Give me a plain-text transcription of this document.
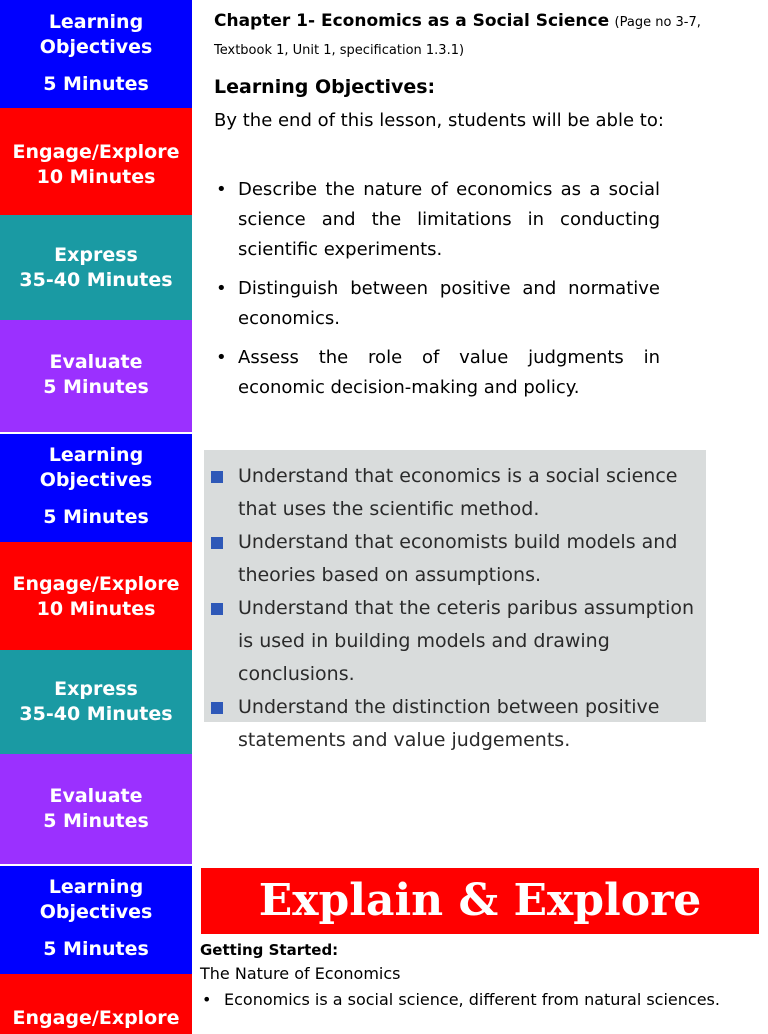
Learning
Objectives
5 Minutes
Engage/Explore
10 Minutes
Express
35-40 Minutes
Evaluate
5 Minutes
Learning
Objectives
5 Minutes
Engage/Explore
10 Minutes
Express
35-40 Minutes
Evaluate
5 Minutes
Learning
Objectives
5 Minutes
Engage/Explore
Chapter 1- Economics as a Social Science (Page no 3-7, Textbook 1, Unit 1, specification 1.3.1)
Learning Objectives:
By the end of this lesson, students will be able to:
• Describe the nature of economics as a social science and the limitations in conducting scientific experiments.
• Distinguish between positive and normative economics.
• Assess the role of value judgments in economic decision-making and policy.
Understand that economics is a social science that uses the scientific method.
Understand that economists build models and theories based on assumptions.
Understand that the ceteris paribus assumption is used in building models and drawing conclusions.
Understand the distinction between positive statements and value judgements.
Explain & Explore
Getting Started:
The Nature of Economics
• Economics is a social science, different from natural sciences.
